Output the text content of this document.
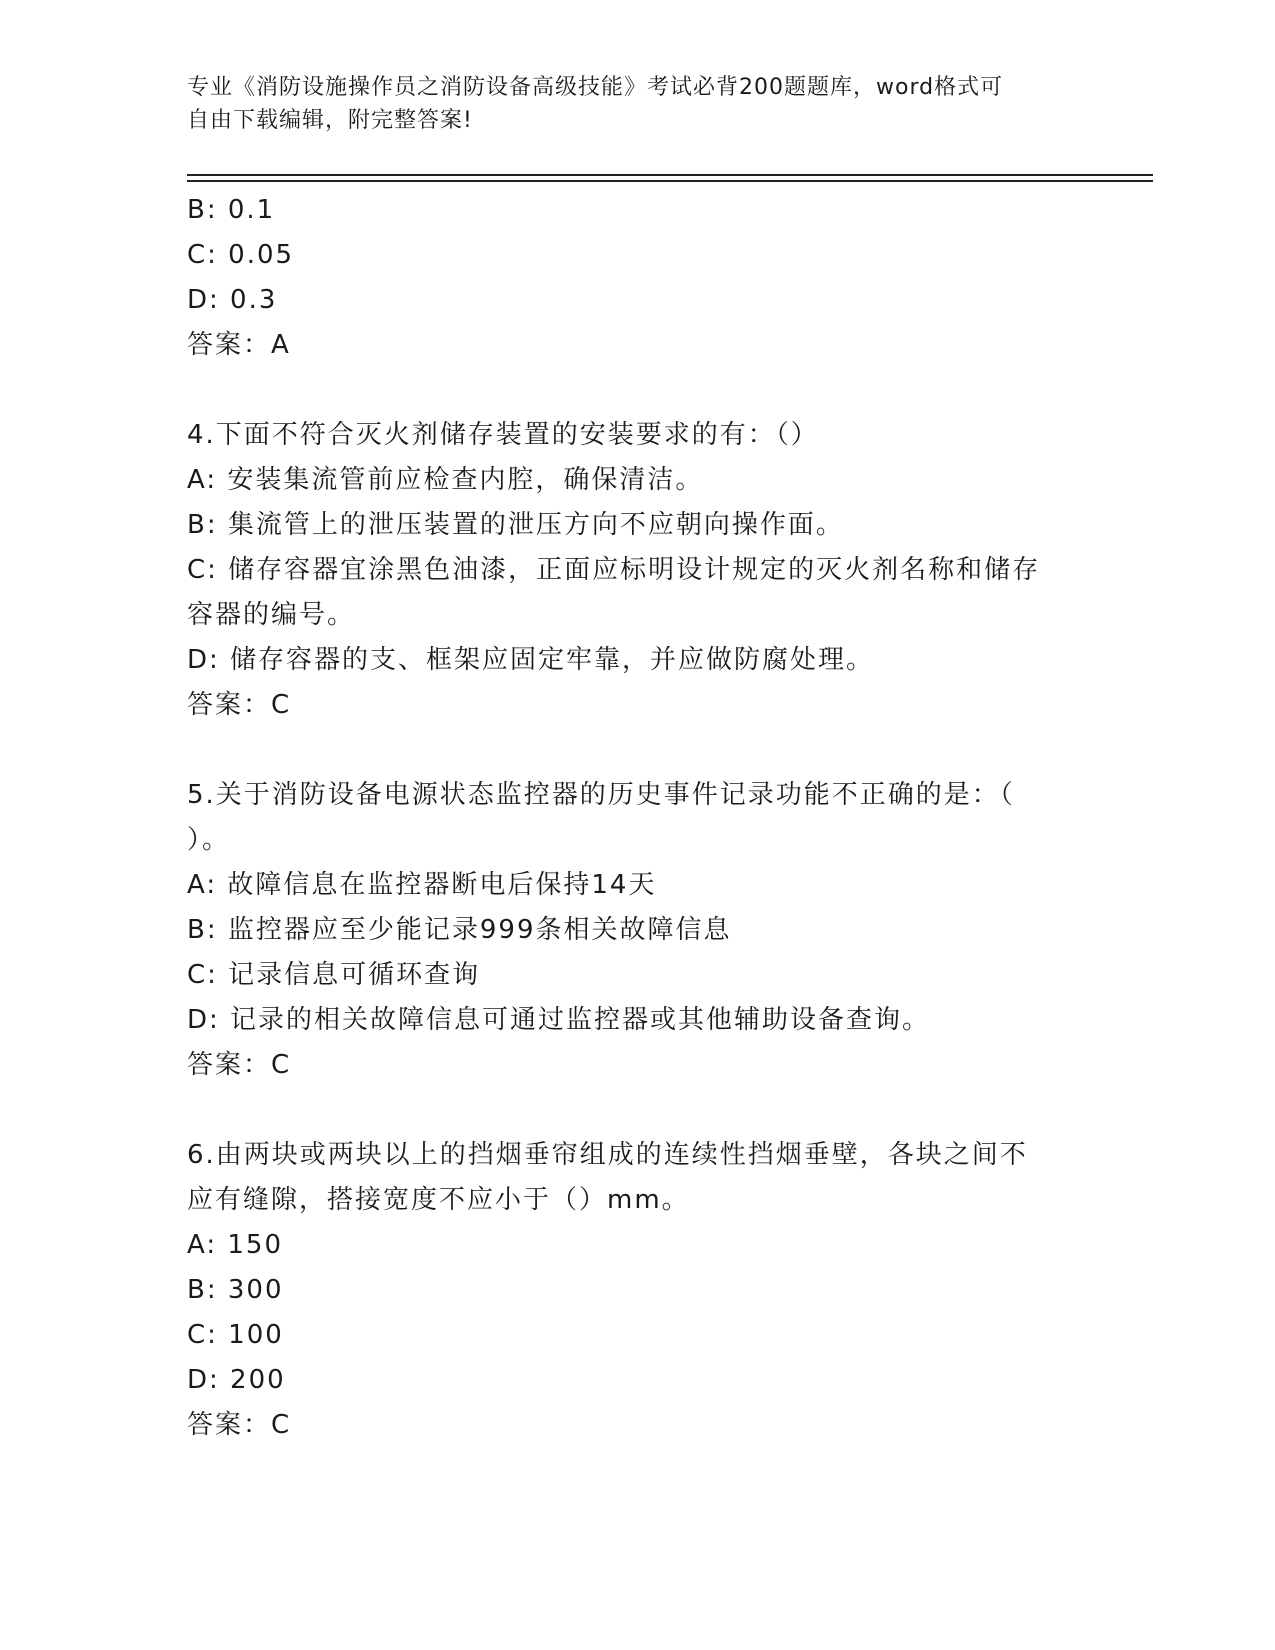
专业《消防设施操作员之消防设备高级技能》考试必背200题题库，word格式可
自由下载编辑，附完整答案!
B: 0.1
C: 0.05
D: 0.3
答案：A
4.下面不符合灭火剂储存装置的安装要求的有：（）
A: 安装集流管前应检查内腔，确保清洁。
B: 集流管上的泄压装置的泄压方向不应朝向操作面。
C: 储存容器宜涂黑色油漆，正面应标明设计规定的灭火剂名称和储存
容器的编号。
D: 储存容器的支、框架应固定牢靠，并应做防腐处理。
答案：C
5.关于消防设备电源状态监控器的历史事件记录功能不正确的是：（
）。
A: 故障信息在监控器断电后保持14天
B: 监控器应至少能记录999条相关故障信息
C: 记录信息可循环查询
D: 记录的相关故障信息可通过监控器或其他辅助设备查询。
答案：C
6.由两块或两块以上的挡烟垂帘组成的连续性挡烟垂壁，各块之间不
应有缝隙，搭接宽度不应小于（）mm。
A: 150
B: 300
C: 100
D: 200
答案：C
